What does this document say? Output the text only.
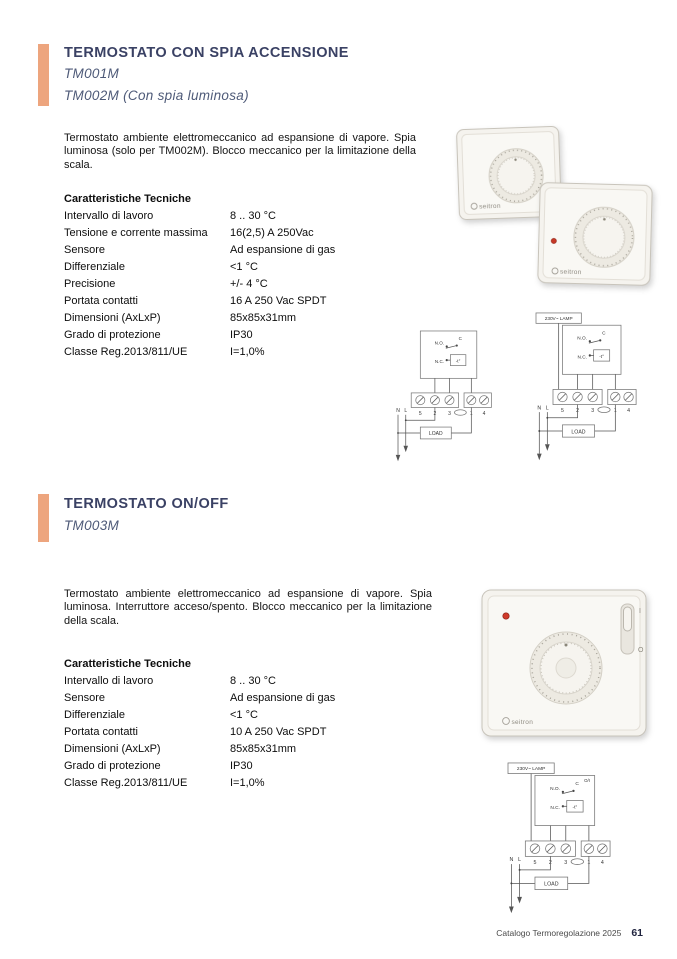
TERMOSTATO CON SPIA ACCENSIONE
TM001M
TM002M (Con spia luminosa)
Termostato ambiente elettromeccanico ad espansione di vapore. Spia luminosa (solo per TM002M). Blocco meccanico per la limitazione della scala.
Caratteristiche Tecniche
Intervallo di lavoro	8 .. 30 °C
Tensione e corrente massima	16(2,5) A 250Vac
Sensore	Ad espansione di gas
Differenziale	<1 °C
Precisione	+/- 4 °C
Portata contatti	16 A 250 Vac SPDT
Dimensioni (AxLxP)	85x85x31mm
Grado di protezione	IP30
Classe Reg.2013/811/UE	I=1,0%
seitron
seitron
N.O.
C
N.C. -t°
5 2 3	1 4
N L
LOAD
230V~ LAMP
N.O.
C
N.C. -t°
5 2 3	1 4
N L
LOAD
TERMOSTATO ON/OFF
TM003M
Termostato ambiente elettromeccanico ad espansione di vapore. Spia luminosa. Interruttore acceso/spento. Blocco meccanico per la limitazione della scala.
Caratteristiche Tecniche
Intervallo di lavoro	8 .. 30 °C
Sensore	Ad espansione di gas
Differenziale	<1 °C
Portata contatti	10 A 250 Vac SPDT
Dimensioni (AxLxP)	85x85x31mm
Grado di protezione	IP30
Classe Reg.2013/811/UE	I=1,0%
I
O
seitron
230V~ LAMP
N.O.
C
O/I
N.C. -t°
5 2 3	1 4
N L
LOAD
Catalogo Termoregolazione 2025 61
